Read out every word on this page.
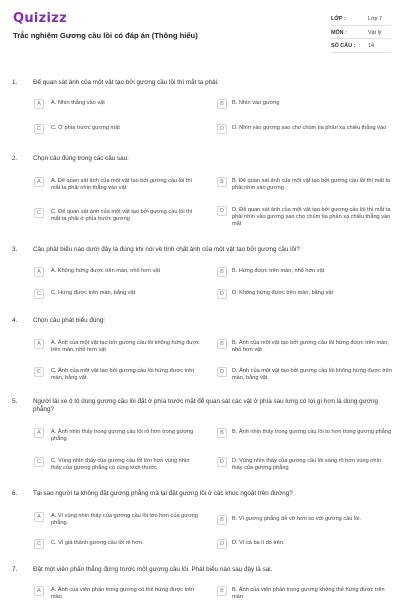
Quizizz
Trắc nghiệm Gương cầu lồi có đáp án (Thông hiểu)
LỚP :	Lớp 7
MÔN :	Vật lý
SỐ CÂU : 14
1. Để quan sát ảnh của một vật tạo bởi gương cầu lồi thì mắt ta phải:
A	A. Nhìn thẳng vào vật	B	B. Nhìn vào gương
C	C. Ở phía trước gương mặt	D	D. Nhìn vào gương sao cho chùm tia phản xạ chiếu thẳng vào
2. Chọn câu đúng trong các câu sau:
A	A. Để quan sát ảnh của một vật tạo bởi gương cầu lồi thì mắt ta phải nhìn thẳng vào vật
B	B. Để quan sát ảnh của một vật tạo bởi gương cầu lồi thì mắt ta phải nhìn vào gương
C	C. Để quan sát ảnh của một vật tạo bởi gương cầu lồi thì mắt ta phải ở phía trước gương
D	D. Để quan sát ảnh của một vật tạo bởi gương cầu lồi thì mắt ta phải nhìn vào gương sao cho chùm tia phản xạ chiếu thẳng vào mắt
3. Câu phát biểu nào dưới đây là đúng khi nói về tính chất ảnh của một vật tạo bởi gương cầu lồi?
A	A. Không hứng được trên màn, nhỏ hơn vật	B	B. Hứng được trên màn, nhỏ hơn vật
C	C. Hứng được trên màn, bằng vật	D	D. Không hứng được trên màn, bằng vật
4. Chọn câu phát biểu đúng:
A	A. Ảnh của một vật tạo bởi gương cầu lồi không hứng được trên màn, nhỏ hơn vật
B	B. Ảnh của một vật tạo bởi gương cầu lồi hứng được trên màn, nhỏ hơn vật
C	C. Ảnh của một vật tạo bởi gương cầu lồi hứng được trên màn, bằng vật
D	D. Ảnh của một vật tạo bởi gương cầu lồi không hứng được trên màn, bằng vật
5. Người lái xe ô tô dùng gương cầu lồi đặt ở phía trước mặt để quan sát các vật ở phía sau lưng có lợi gì hơn là dùng gương phẳng?
A	A. Ảnh nhìn thấy trong gương cầu lồi rõ hơn trong gương phẳng
B	B. Ảnh nhìn thấy trong gương cầu lồi to hơn trong gương phẳng
C	C. Vùng nhìn thấy của gương cầu lồi lớn hơn vùng nhìn thấy của gương phẳng có cùng kích thước
D	D. Vùng nhìn thấy của gương cầu lồi sáng rõ hơn vùng nhìn thấy của gương phẳng
6. Tại sao người ta không đặt gương phẳng mà lại đặt gương lồi ở các khúc ngoặt trên đường?
A	A. Vì vùng nhìn thấy của gương cầu lồi lớn hơn của gương phẳng.
B	B. Vì gương phẳng dễ vỡ hơn so với gương cầu lồi.
C	C. Vì giá thành gương cầu lồi rẻ hơn.	D	D. Vì cả ba lí do trên.
7. Đặt một viên phấn thẳng đứng trước một gương cầu lồi. Phát biểu nào sau đây là sai.
A	A. Ảnh của viên phấn trong gương có thể hứng được trên màn
B	B. Ảnh của viên phấn trong gương không thể hứng được trên màn
